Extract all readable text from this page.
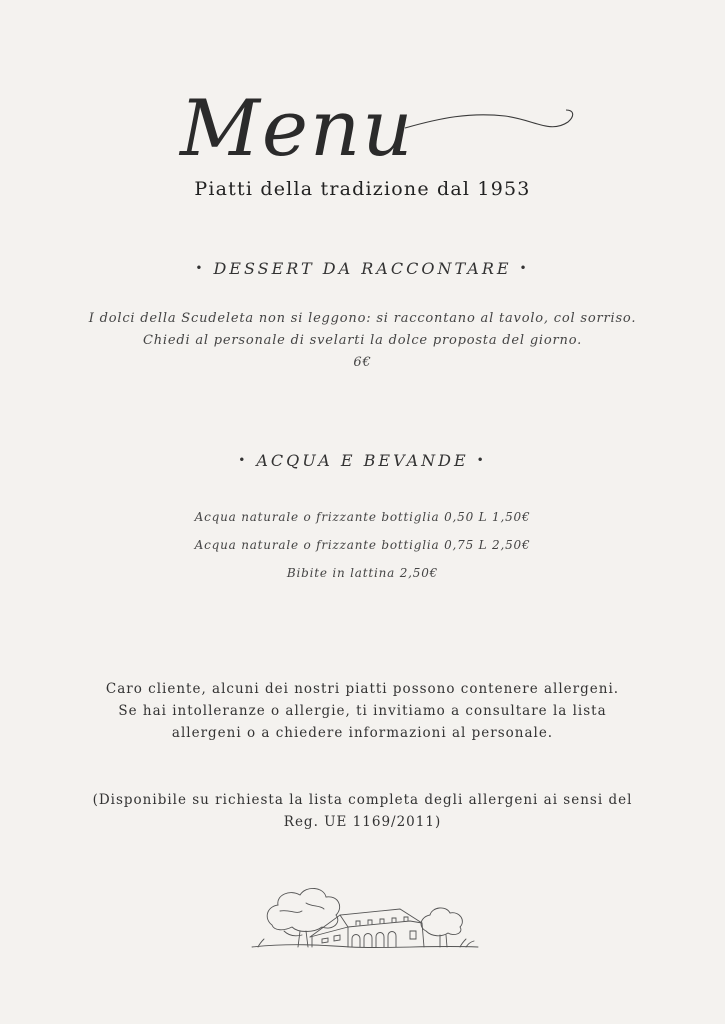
Menu
Piatti della tradizione dal 1953
• DESSERT DA RACCONTARE •
I dolci della Scudeleta non si leggono: si raccontano al tavolo, col sorriso.
Chiedi al personale di svelarti la dolce proposta del giorno.
6€
• ACQUA E BEVANDE •
Acqua naturale o frizzante bottiglia 0,50 L 1,50€
Acqua naturale o frizzante bottiglia 0,75 L 2,50€
Bibite in lattina 2,50€
Caro cliente, alcuni dei nostri piatti possono contenere allergeni.
Se hai intolleranze o allergie, ti invitiamo a consultare la lista
allergeni o a chiedere informazioni al personale.
(Disponibile su richiesta la lista completa degli allergeni ai sensi del
Reg. UE 1169/2011)
